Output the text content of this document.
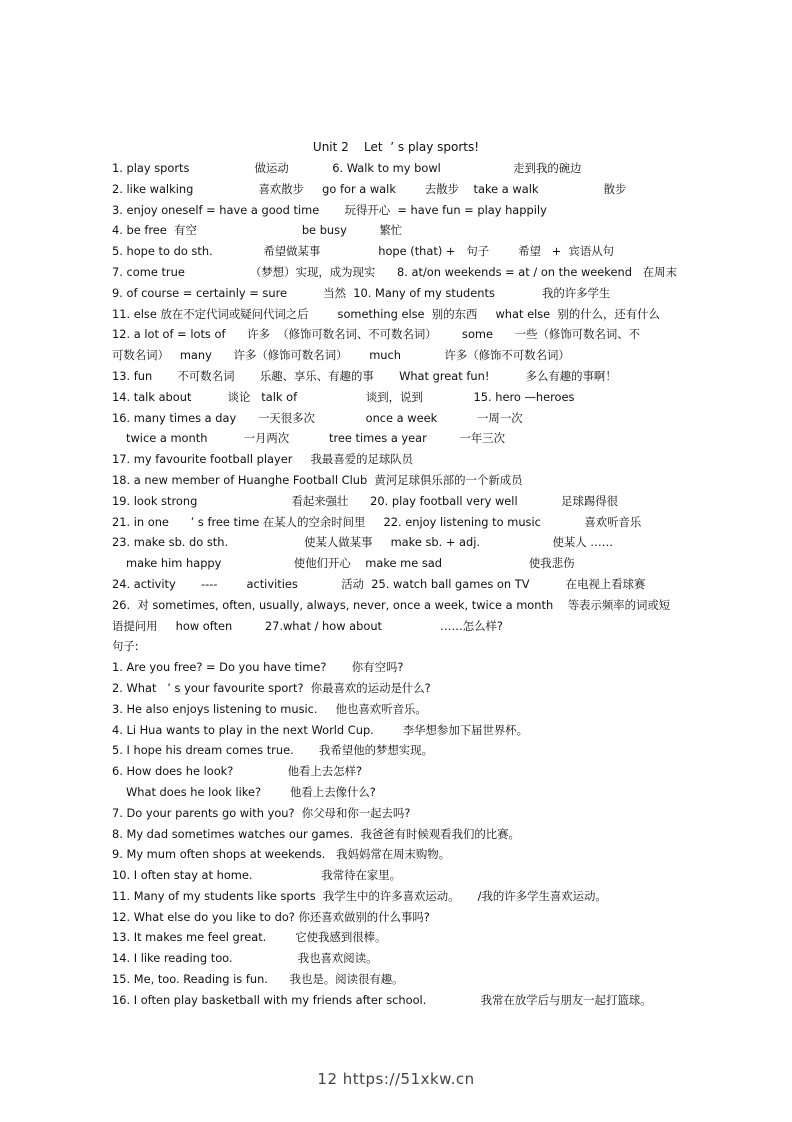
Unit 2    Let  ’ s play sports!
1. play sports                  做运动            6. Walk to my bowl                    走到我的碗边
2. like walking                  喜欢散步     go for a walk        去散步    take a walk                  散步
3. enjoy oneself = have a good time       玩得开心  = have fun = play happily
4. be free  有空                             be busy         繁忙
5. hope to do sth.              希望做某事                hope (that) +   句子        希望   +  宾语从句
7. come true                  （梦想）实现，成为现实      8. at/on weekends = at / on the weekend   在周末
9. of course = certainly = sure          当然  10. Many of my students             我的许多学生
11. else 放在不定代词或疑问代词之后        something else  别的东西     what else  别的什么，还有什么
12. a lot of = lots of      许多  （修饰可数名词、不可数名词）       some      一些（修饰可数名词、不
可数名词）   many      许多（修饰可数名词）      much            许多（修饰不可数名词）
13. fun       不可数名词       乐趣、享乐、有趣的事       What great fun!          多么有趣的事啊！
14. talk about          谈论   talk of                   谈到，说到              15. hero —heroes
16. many times a day      一天很多次              once a week           一周一次
twice a month          一月两次           tree times a year         一年三次
17. my favourite football player     我最喜爱的足球队员
18. a new member of Huanghe Football Club  黄河足球俱乐部的一个新成员
19. look strong                          看起来强壮      20. play football very well            足球踢得很
21. in one      ’ s free time 在某人的空余时间里     22. enjoy listening to music            喜欢听音乐
23. make sb. do sth.                     使某人做某事     make sb. + adj.                    使某人 ……
make him happy                    使他们开心    make me sad                        使我悲伤
24. activity       ----        activities            活动  25. watch ball games on TV          在电视上看球赛
26.  对 sometimes, often, usually, always, never, once a week, twice a month    等表示频率的词或短
语提问用     how often         27.what / how about                ……怎么样?
句子:
1. Are you free? = Do you have time?       你有空吗?
2. What   ’ s your favourite sport?  你最喜欢的运动是什么?
3. He also enjoys listening to music.     他也喜欢听音乐。
4. Li Hua wants to play in the next World Cup.        李华想参加下届世界杯。
5. I hope his dream comes true.       我希望他的梦想实现。
6. How does he look?               他看上去怎样?
What does he look like?        他看上去像什么?
7. Do your parents go with you?  你父母和你一起去吗?
8. My dad sometimes watches our games.  我爸爸有时候观看我们的比赛。
9. My mum often shops at weekends.   我妈妈常在周末购物。
10. I often stay at home.                   我常待在家里。
11. Many of my students like sports  我学生中的许多喜欢运动。     /我的许多学生喜欢运动。
12. What else do you like to do? 你还喜欢做别的什么事吗?
13. It makes me feel great.        它使我感到很棒。
14. I like reading too.                  我也喜欢阅读。
15. Me, too. Reading is fun.      我也是。阅读很有趣。
16. I often play basketball with my friends after school.               我常在放学后与朋友一起打篮球。
12 https://51xkw.cn
